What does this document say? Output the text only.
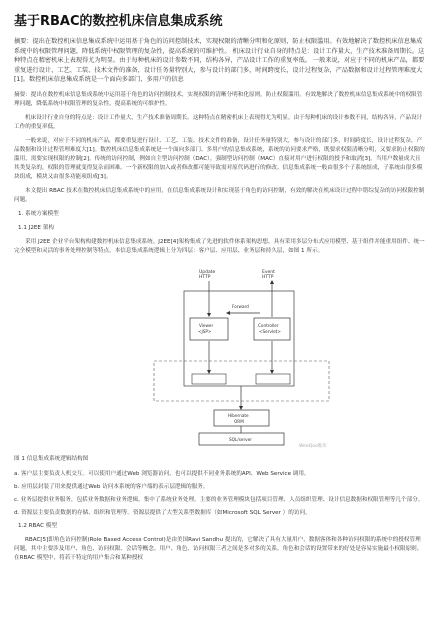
基于RBAC的数控机床信息集成系统
摘要：提出在数控机床信息集成系统中运用基于角色的访问控制技术，实现权限的清晰分明和化原则，防止权限滥用。有效地解决了数控机床信息集成系统中的权限管理问题，降低系统中权限管理的复杂性，提高系统的可维护性。 机床设计行业自身的特点是：设计工作量大，生产技术准备周期长。这种特点在精密机床上表现得尤为明显。由于每种机床的设计参数不同，结构各异，产品设计工作的重复率低。 一般来说，对应于不同的机床产品，都要重复进行设计、工艺、工装、技术文件的准备，设计任务量特别大，参与设计的部门多，时间跨度长，设计过程复杂，产品数据和设计过程管理难度大[1]。数控机床信息集成系统是一个面向多部门、多用户的信息
摘要：提出在数控机床信息集成系统中运用基于角色的访问控制技术，实现权限的清晰分明和化原则，防止权限滥用。有效地解决了数控机床信息集成系统中的权限管理问题，降低系统中权限管理的复杂性，提高系统的可维护性。
机床设计行业自身的特点是：设计工作量大，生产技术准备周期长。这种特点在精密机床上表现得尤为明显。由于每种机床的设计参数不同，结构各异，产品设计工作的重复率低。
一般来说，对应于不同的机床产品，都要重复进行设计、工艺、工装、技术文件的准备，设计任务量特别大，参与设计的部门多，时间跨度长，设计过程复杂，产品数据和设计过程管理难度大[1]。数控机床信息集成系统是一个面向多部门、多用户的信息集成系统，系统的访问要求严格，既要求权限清晰分明，又要求防止权限的滥用，需要实现权限的控制[2]。传统的访问控制，例如自主型访问控制（DAC），强制型访问控制（MAC）直接对用户进行权限的授予和取消[3]。当用户数量成大且其类复杂的，权限的管理就变得复杂而困难。一个新权限的加入或者修改都可能导致需对原代码进行的修改。信息集成系统一般由很多个子系统组成，子系统由很多模块组成，模块又由很多功能项组成[3]。
本文提出 RBAC 技术在数控机床信息集成系统中的应用，在信息集成系统设计和实现基于角色的访问控制，有效的解决在机床设计过程中错综复杂的访问权限控制问题。
1. 系统方案模型
1.1 J2EE 架构
采用 J2EE 企业平台架构构建数控机床信息集成系统。J2EE[4]架构集成了先进的软件体系架构思想，具有采用多层分布式应用模型、基于组件并能重用组件、统一完全模型和灵活的事务处理控制等特点。本信息集成系统逻辑上分为四层：客户层、应用层、业务层和持久层，如图 1 所示。
Update HTTP
Event HTTP
Forward
Viewer <JSP>
Controller <Servlet>
Hibernate ORM
SQL/server
WeeQoo维库
图 1 信息集成系统逻辑结构图
a. 客户层主要负责人机交互。可以使用户通过Web 浏览器访问，也可以提供不同业务系统的API、Web Service 调用。
b. 应用层封装了用来提供通过Web 访问本系统的客户端的表示层逻辑的服务。
c. 业务层提供业务服务，包括业务数据和业务逻辑，集中了系统业务处理。主要的业务管理模块包括项目管理、人员组织管理、设计信息数据和权限管理等几个部分。
d. 资源层主要负责数据的存储、组织和管理等。资源层提供了大型关系型数据库（如Microsoft SQL Server ）的访问。
1.2 RBAC 模型
RBAC[5]即角色访问控制(Role Based Access Control)是由美国Ravi Sandhu 提出的，它解决了具有大量用户，数据客体和各种访问权限的系统中的授权管理问题。其中主要涉及用户、角色、访问权限、会话等概念。用户、角色、访问权限三者之间是多对多的关系。角色和会话的设置带来的好处是容易实施最小权限原则。在RBAC 模型中，将若干特定的用户集合和某种授权
